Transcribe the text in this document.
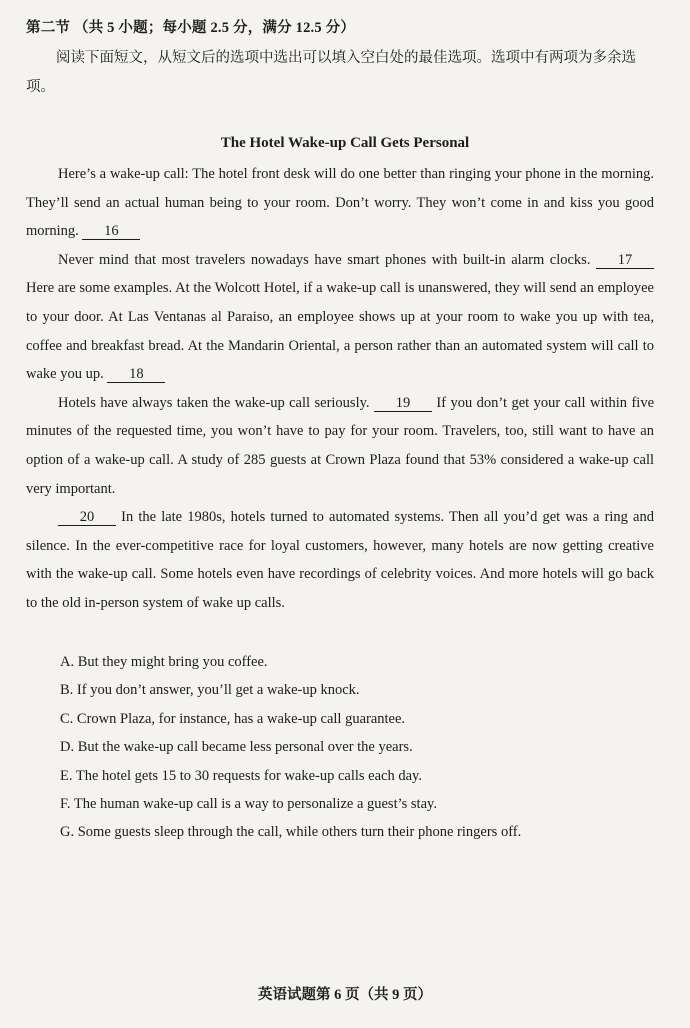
第二节 （共 5 小题；每小题 2.5 分，满分 12.5 分）
阅读下面短文，从短文后的选项中选出可以填入空白处的最佳选项。选项中有两项为多余选项。
The Hotel Wake-up Call Gets Personal

Here’s a wake-up call: The hotel front desk will do one better than ringing your phone in the morning. They’ll send an actual human being to your room. Don’t worry. They won’t come in and kiss you good morning. 16

Never mind that most travelers nowadays have smart phones with built-in alarm clocks. 17 Here are some examples. At the Wolcott Hotel, if a wake-up call is unanswered, they will send an employee to your door. At Las Ventanas al Paraiso, an employee shows up at your room to wake you up with tea, coffee and breakfast bread. At the Mandarin Oriental, a person rather than an automated system will call to wake you up. 18

Hotels have always taken the wake-up call seriously. 19 If you don’t get your call within five minutes of the requested time, you won’t have to pay for your room. Travelers, too, still want to have an option of a wake-up call. A study of 285 guests at Crown Plaza found that 53% considered a wake-up call very important.

20 In the late 1980s, hotels turned to automated systems. Then all you’d get was a ring and silence. In the ever-competitive race for loyal customers, however, many hotels are now getting creative with the wake-up call. Some hotels even have recordings of celebrity voices. And more hotels will go back to the old in-person system of wake up calls.

A. But they might bring you coffee.
B. If you don’t answer, you’ll get a wake-up knock.
C. Crown Plaza, for instance, has a wake-up call guarantee.
D. But the wake-up call became less personal over the years.
E. The hotel gets 15 to 30 requests for wake-up calls each day.
F. The human wake-up call is a way to personalize a guest’s stay.
G. Some guests sleep through the call, while others turn their phone ringers off.
英语试题第 6 页（共 9 页）
